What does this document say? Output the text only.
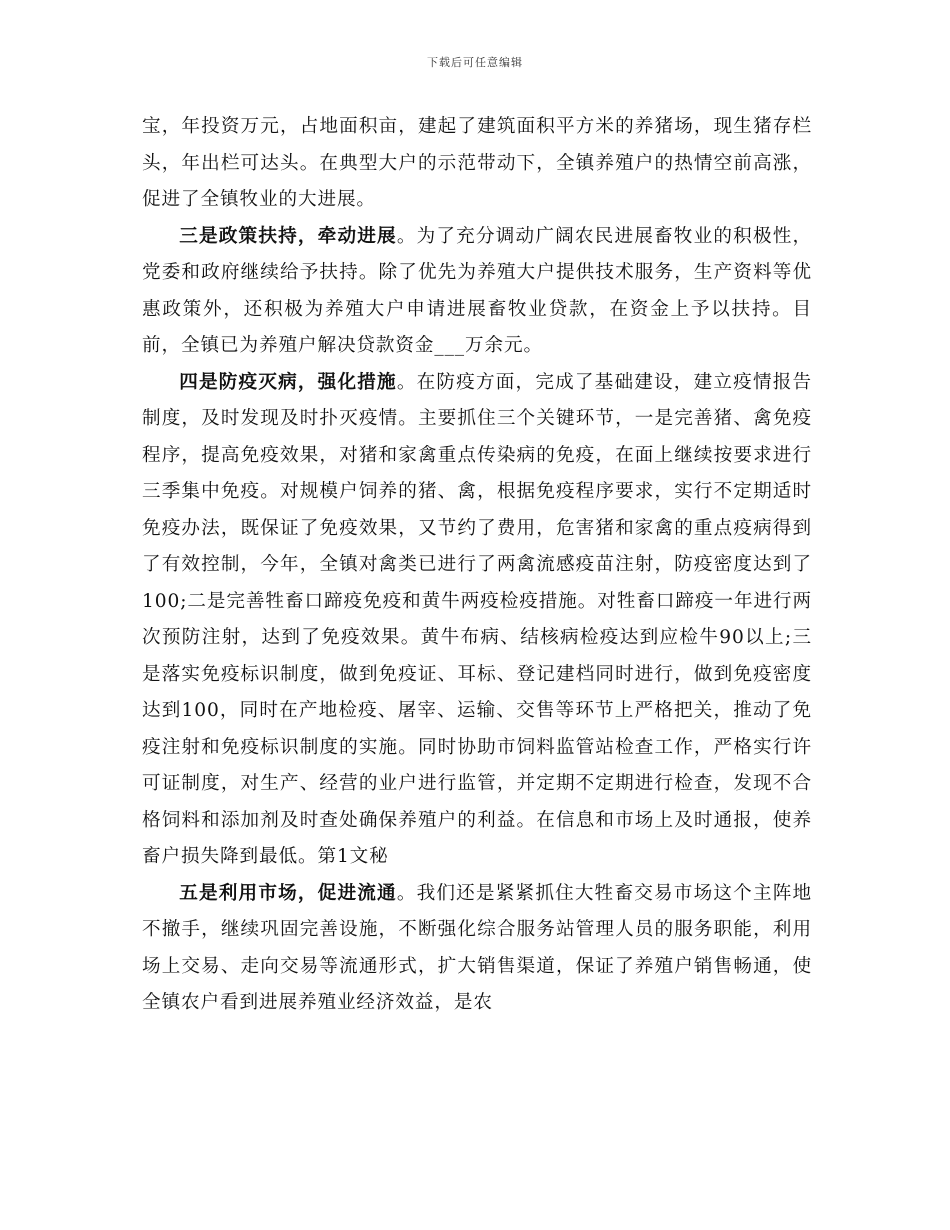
下载后可任意编辑

宝，年投资万元，占地面积亩，建起了建筑面积平方米的养猪场，现生猪存栏头，年出栏可达头。在典型大户的示范带动下，全镇养殖户的热情空前高涨，促进了全镇牧业的大进展。

三是政策扶持，牵动进展。为了充分调动广阔农民进展畜牧业的积极性，党委和政府继续给予扶持。除了优先为养殖大户提供技术服务，生产资料等优惠政策外，还积极为养殖大户申请进展畜牧业贷款，在资金上予以扶持。目前，全镇已为养殖户解决贷款资金___万余元。

四是防疫灭病，强化措施。在防疫方面，完成了基础建设，建立疫情报告制度，及时发现及时扑灭疫情。主要抓住三个关键环节，一是完善猪、禽免疫程序，提高免疫效果，对猪和家禽重点传染病的免疫，在面上继续按要求进行三季集中免疫。对规模户饲养的猪、禽，根据免疫程序要求，实行不定期适时免疫办法，既保证了免疫效果，又节约了费用，危害猪和家禽的重点疫病得到了有效控制，今年，全镇对禽类已进行了两禽流感疫苗注射，防疫密度达到了100;二是完善牲畜口蹄疫免疫和黄牛两疫检疫措施。对牲畜口蹄疫一年进行两次预防注射，达到了免疫效果。黄牛布病、结核病检疫达到应检牛90以上;三是落实免疫标识制度，做到免疫证、耳标、登记建档同时进行，做到免疫密度达到100，同时在产地检疫、屠宰、运输、交售等环节上严格把关，推动了免疫注射和免疫标识制度的实施。同时协助市饲料监管站检查工作，严格实行许可证制度，对生产、经营的业户进行监管，并定期不定期进行检查，发现不合格饲料和添加剂及时查处确保养殖户的利益。在信息和市场上及时通报，使养畜户损失降到最低。第1文秘

五是利用市场，促进流通。我们还是紧紧抓住大牲畜交易市场这个主阵地不撤手，继续巩固完善设施，不断强化综合服务站管理人员的服务职能，利用场上交易、走向交易等流通形式，扩大销售渠道，保证了养殖户销售畅通，使全镇农户看到进展养殖业经济效益，是农
